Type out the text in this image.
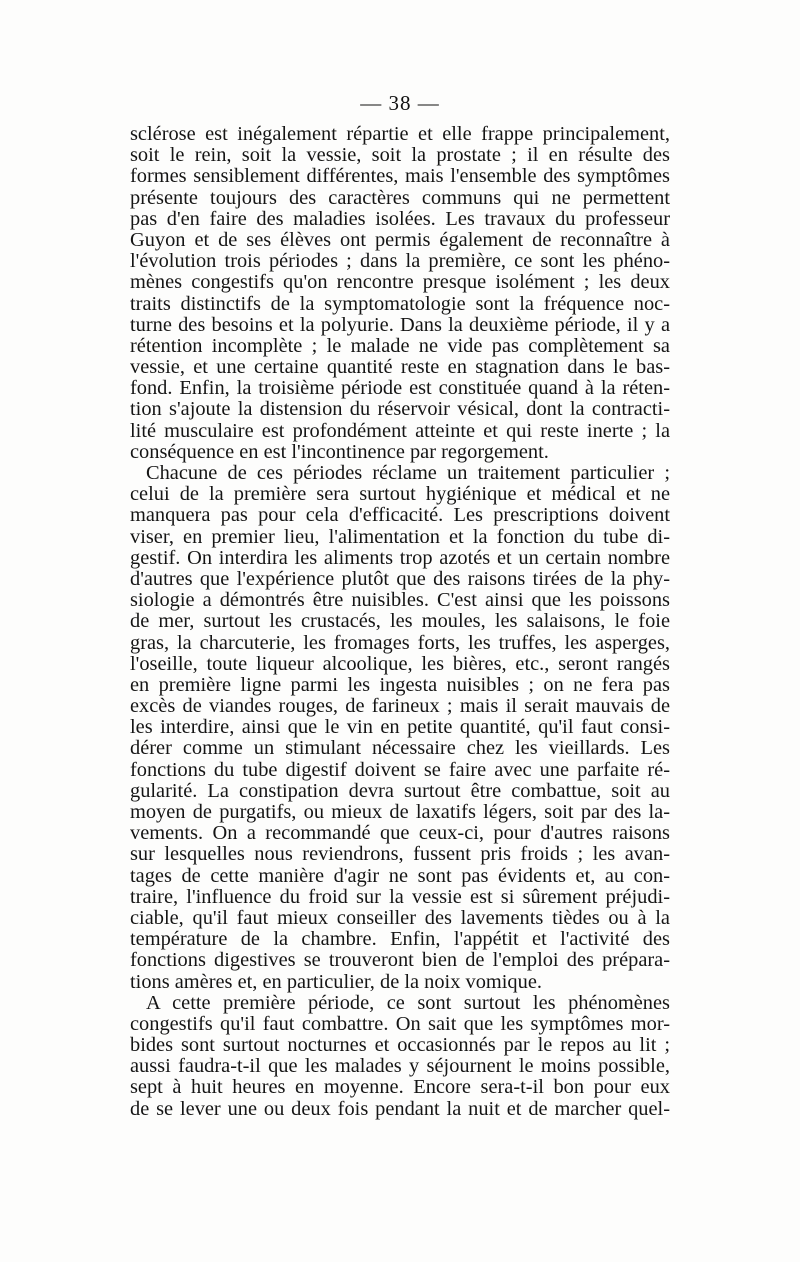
— 38 —
sclérose est inégalement répartie et elle frappe principalement,
soit le rein, soit la vessie, soit la prostate ; il en résulte des
formes sensiblement différentes, mais l'ensemble des symptômes
présente toujours des caractères communs qui ne permettent
pas d'en faire des maladies isolées. Les travaux du professeur
Guyon et de ses élèves ont permis également de reconnaître à
l'évolution trois périodes ; dans la première, ce sont les phéno-
mènes congestifs qu'on rencontre presque isolément ; les deux
traits distinctifs de la symptomatologie sont la fréquence noc-
turne des besoins et la polyurie. Dans la deuxième période, il y a
rétention incomplète ; le malade ne vide pas complètement sa
vessie, et une certaine quantité reste en stagnation dans le bas-
fond. Enfin, la troisième période est constituée quand à la réten-
tion s'ajoute la distension du réservoir vésical, dont la contracti-
lité musculaire est profondément atteinte et qui reste inerte ; la
conséquence en est l'incontinence par regorgement.
Chacune de ces périodes réclame un traitement particulier ;
celui de la première sera surtout hygiénique et médical et ne
manquera pas pour cela d'efficacité. Les prescriptions doivent
viser, en premier lieu, l'alimentation et la fonction du tube di-
gestif. On interdira les aliments trop azotés et un certain nombre
d'autres que l'expérience plutôt que des raisons tirées de la phy-
siologie a démontrés être nuisibles. C'est ainsi que les poissons
de mer, surtout les crustacés, les moules, les salaisons, le foie
gras, la charcuterie, les fromages forts, les truffes, les asperges,
l'oseille, toute liqueur alcoolique, les bières, etc., seront rangés
en première ligne parmi les ingesta nuisibles ; on ne fera pas
excès de viandes rouges, de farineux ; mais il serait mauvais de
les interdire, ainsi que le vin en petite quantité, qu'il faut consi-
dérer comme un stimulant nécessaire chez les vieillards. Les
fonctions du tube digestif doivent se faire avec une parfaite ré-
gularité. La constipation devra surtout être combattue, soit au
moyen de purgatifs, ou mieux de laxatifs légers, soit par des la-
vements. On a recommandé que ceux-ci, pour d'autres raisons
sur lesquelles nous reviendrons, fussent pris froids ; les avan-
tages de cette manière d'agir ne sont pas évidents et, au con-
traire, l'influence du froid sur la vessie est si sûrement préjudi-
ciable, qu'il faut mieux conseiller des lavements tièdes ou à la
température de la chambre. Enfin, l'appétit et l'activité des
fonctions digestives se trouveront bien de l'emploi des prépara-
tions amères et, en particulier, de la noix vomique.
A cette première période, ce sont surtout les phénomènes
congestifs qu'il faut combattre. On sait que les symptômes mor-
bides sont surtout nocturnes et occasionnés par le repos au lit ;
aussi faudra-t-il que les malades y séjournent le moins possible,
sept à huit heures en moyenne. Encore sera-t-il bon pour eux
de se lever une ou deux fois pendant la nuit et de marcher quel-
